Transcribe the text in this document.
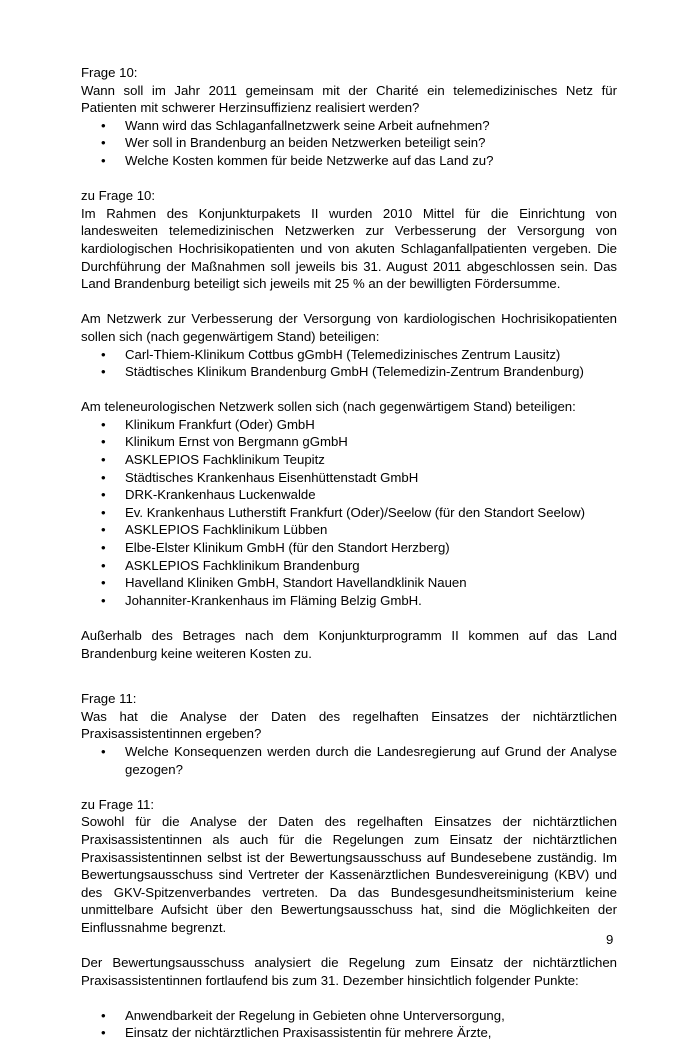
Frage 10:

Wann soll im Jahr 2011 gemeinsam mit der Charité ein telemedizinisches Netz für Patienten mit schwerer Herzinsuffizienz realisiert werden?

• Wann wird das Schlaganfallnetzwerk seine Arbeit aufnehmen?
• Wer soll in Brandenburg an beiden Netzwerken beteiligt sein?
• Welche Kosten kommen für beide Netzwerke auf das Land zu?

zu Frage 10:

Im Rahmen des Konjunkturpakets II wurden 2010 Mittel für die Einrichtung von landesweiten telemedizinischen Netzwerken zur Verbesserung der Versorgung von kardiologischen Hochrisikopatienten und von akuten Schlaganfallpatienten vergeben. Die Durchführung der Maßnahmen soll jeweils bis 31. August 2011 abgeschlossen sein. Das Land Brandenburg beteiligt sich jeweils mit 25 % an der bewilligten Fördersumme.

Am Netzwerk zur Verbesserung der Versorgung von kardiologischen Hochrisikopatienten sollen sich (nach gegenwärtigem Stand) beteiligen:

• Carl-Thiem-Klinikum Cottbus gGmbH (Telemedizinisches Zentrum Lausitz)
• Städtisches Klinikum Brandenburg GmbH (Telemedizin-Zentrum Brandenburg)

Am teleneurologischen Netzwerk sollen sich (nach gegenwärtigem Stand) beteiligen:

• Klinikum Frankfurt (Oder) GmbH
• Klinikum Ernst von Bergmann gGmbH
• ASKLEPIOS Fachklinikum Teupitz
• Städtisches Krankenhaus Eisenhüttenstadt GmbH
• DRK-Krankenhaus Luckenwalde
• Ev. Krankenhaus Lutherstift Frankfurt (Oder)/Seelow (für den Standort Seelow)
• ASKLEPIOS Fachklinikum Lübben
• Elbe-Elster Klinikum GmbH (für den Standort Herzberg)
• ASKLEPIOS Fachklinikum Brandenburg
• Havelland Kliniken GmbH, Standort Havellandklinik Nauen
• Johanniter-Krankenhaus im Fläming Belzig GmbH.

Außerhalb des Betrages nach dem Konjunkturprogramm II kommen auf das Land Brandenburg keine weiteren Kosten zu.

Frage 11:

Was hat die Analyse der Daten des regelhaften Einsatzes der nichtärztlichen Praxisassistentinnen ergeben?

• Welche Konsequenzen werden durch die Landesregierung auf Grund der Analyse gezogen?

zu Frage 11:

Sowohl für die Analyse der Daten des regelhaften Einsatzes der nichtärztlichen Praxisassistentinnen als auch für die Regelungen zum Einsatz der nichtärztlichen Praxisassistentinnen selbst ist der Bewertungsausschuss auf Bundesebene zuständig. Im Bewertungsausschuss sind Vertreter der Kassenärztlichen Bundesvereinigung (KBV) und des GKV-Spitzenverbandes vertreten. Da das Bundesgesundheitsministerium keine unmittelbare Aufsicht über den Bewertungsausschuss hat, sind die Möglichkeiten der Einflussnahme begrenzt.

Der Bewertungsausschuss analysiert die Regelung zum Einsatz der nichtärztlichen Praxisassistentinnen fortlaufend bis zum 31. Dezember hinsichtlich folgender Punkte:

• Anwendbarkeit der Regelung in Gebieten ohne Unterversorgung,
• Einsatz der nichtärztlichen Praxisassistentin für mehrere Ärzte,
9
